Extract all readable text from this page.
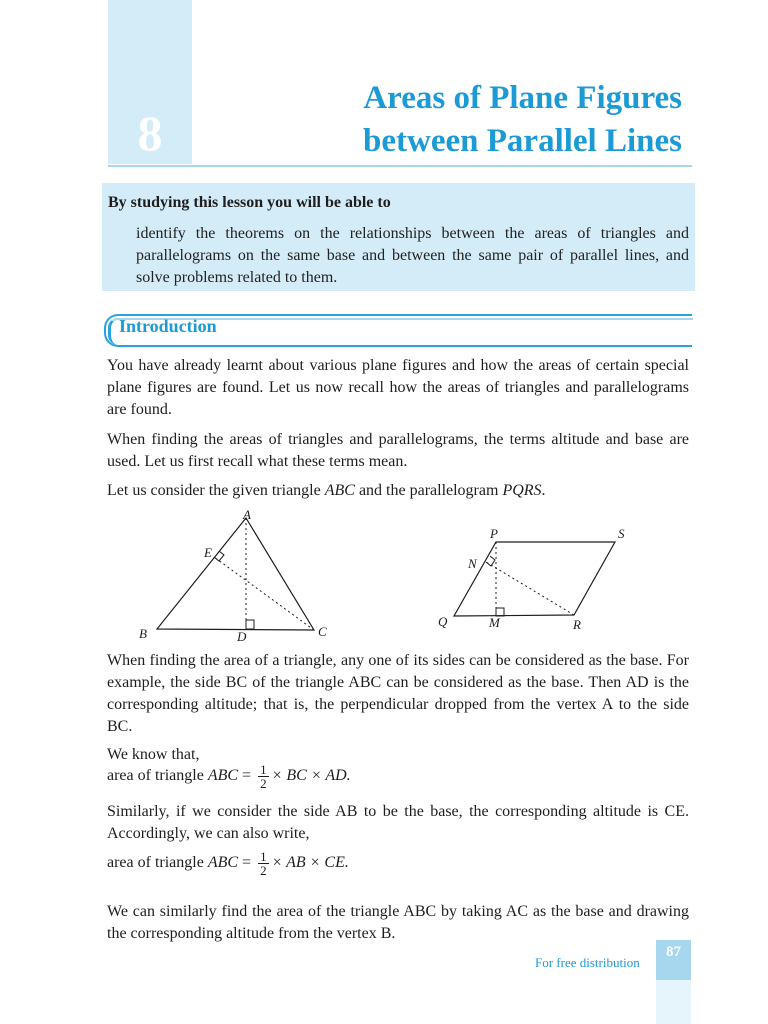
8
Areas of Plane Figures
between Parallel Lines
By studying this lesson you will be able to
identify the theorems on the relationships between the areas of triangles and parallelograms on the same base and between the same pair of parallel lines, and solve problems related to them.
Introduction
You have already learnt about various plane figures and how the areas of certain special plane figures are found. Let us now recall how the areas of triangles and parallelograms are found.
When finding the areas of triangles and parallelograms, the terms altitude and base are used. Let us first recall what these terms mean.
Let us consider the given triangle ABC and the parallelogram PQRS.
A
B	C
D
E
P	S
Q	R
M
N
When finding the area of a triangle, any one of its sides can be considered as the base. For example, the side BC of the triangle ABC can be considered as the base. Then AD is the corresponding altitude; that is, the perpendicular dropped from the vertex A to the side BC.
We know that,
area of triangle ABC = $\frac{1}{2}$ × BC × AD.
Similarly, if we consider the side AB to be the base, the corresponding altitude is CE. Accordingly, we can also write,
area of triangle ABC = $\frac{1}{2}$ × AB × CE.
We can similarly find the area of the triangle ABC by taking AC as the base and drawing the corresponding altitude from the vertex B.
For free distribution
87
